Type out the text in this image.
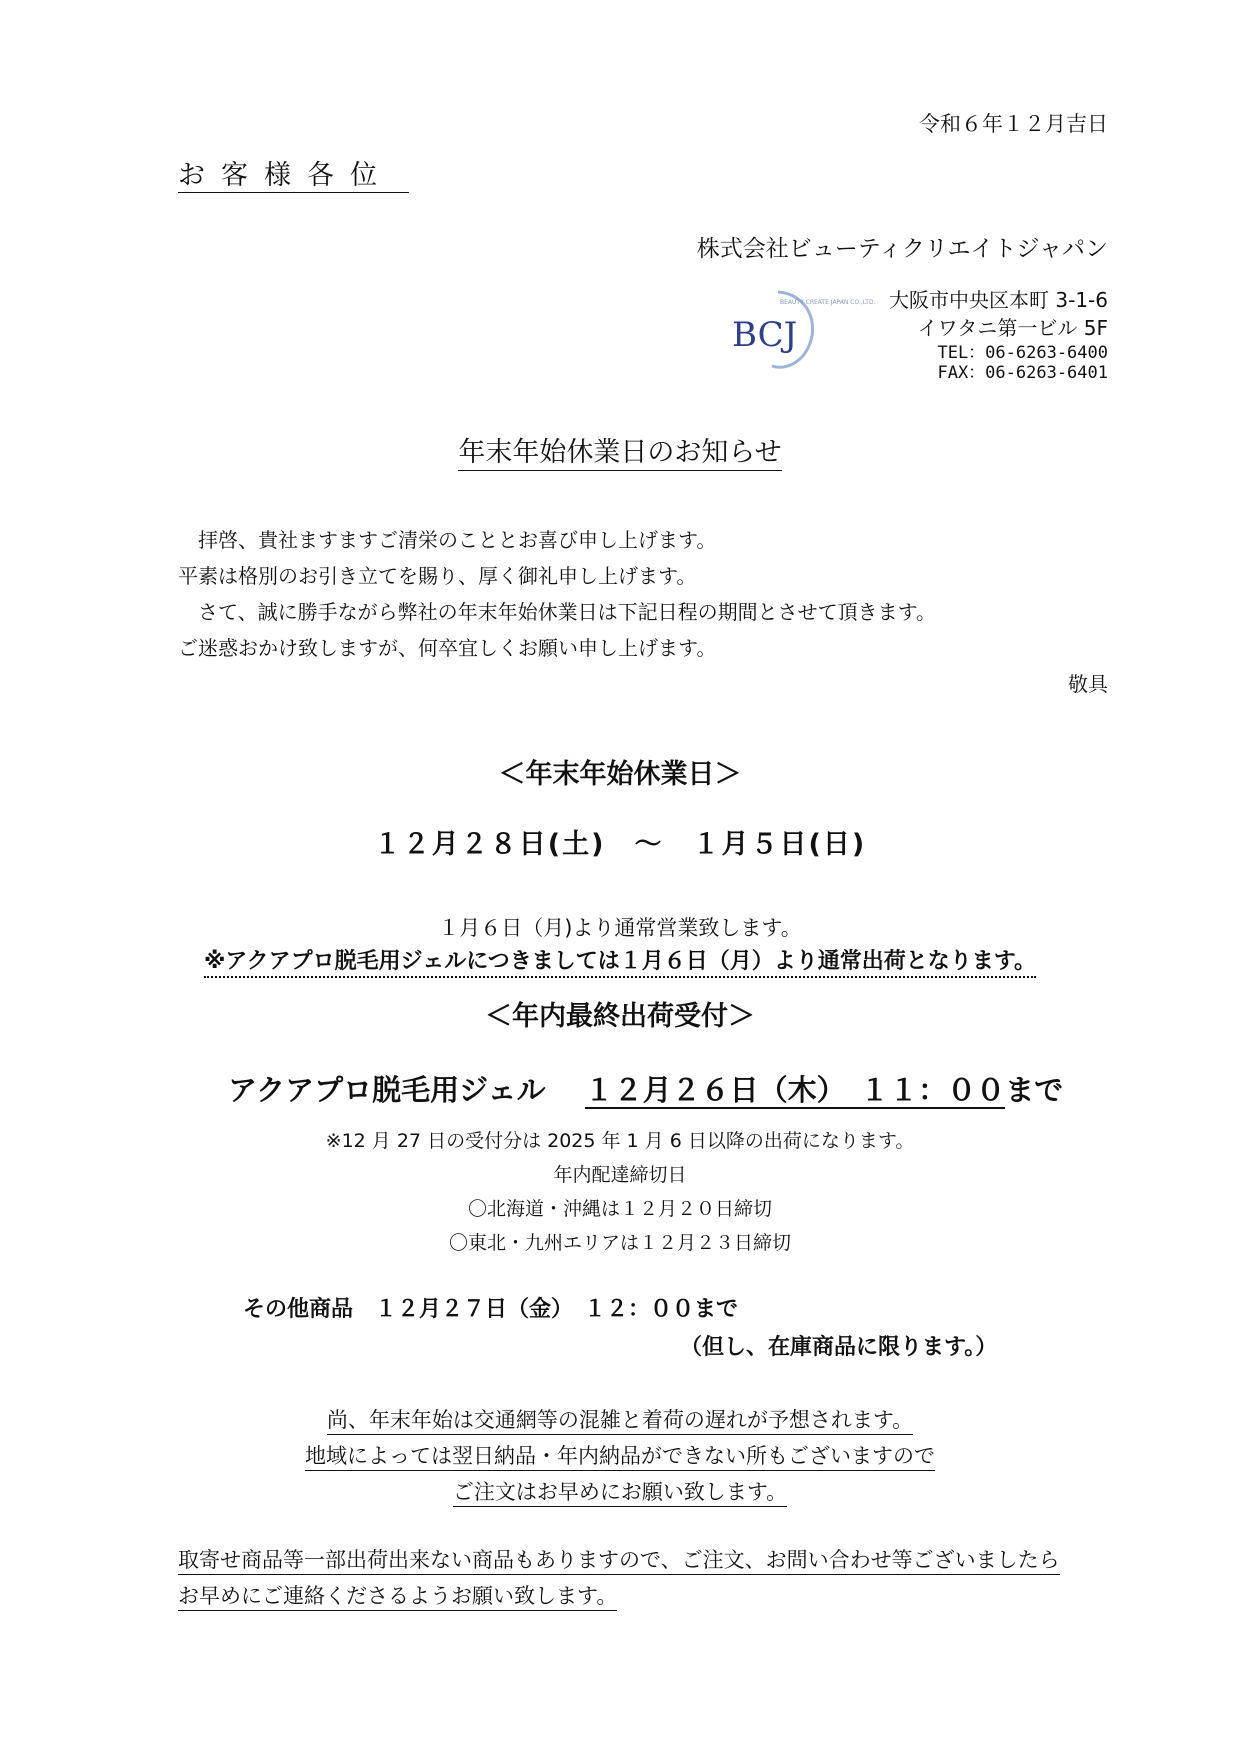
令和６年１２月吉日
お客様各位
株式会社ビューティクリエイトジャパン
BCJ
BEAUTY CREATE JAPAN CO.,LTD. 大阪市中央区本町 3-1-6
イワタニ第一ビル 5F
TEL：06-6263-6400
FAX：06-6263-6401
年末年始休業日のお知らせ
拝啓、貴社ますますご清栄のこととお喜び申し上げます。
平素は格別のお引き立てを賜り、厚く御礼申し上げます。
さて、誠に勝手ながら弊社の年末年始休業日は下記日程の期間とさせて頂きます。
ご迷惑おかけ致しますが、何卒宜しくお願い申し上げます。
敬具
＜年末年始休業日＞
１２月２８日(土)　～　１月５日(日)
１月６日（月)より通常営業致します。
※アクアプロ脱毛用ジェルにつきましては１月６日（月）より通常出荷となります。
＜年内最終出荷受付＞
アクアプロ脱毛用ジェル　 １２月２６日（木）　１１：００まで
※12 月 27 日の受付分は 2025 年 1 月 6 日以降の出荷になります。
年内配達締切日
〇北海道・沖縄は１２月２０日締切
〇東北・九州エリアは１２月２３日締切
その他商品　１２月２７日（金）　１２：００まで
（但し、在庫商品に限ります。）
尚、年末年始は交通網等の混雑と着荷の遅れが予想されます。
地域によっては翌日納品・年内納品ができない所もございますので
ご注文はお早めにお願い致します。
取寄せ商品等一部出荷出来ない商品もありますので、ご注文、お問い合わせ等ございましたら
お早めにご連絡くださるようお願い致します。
